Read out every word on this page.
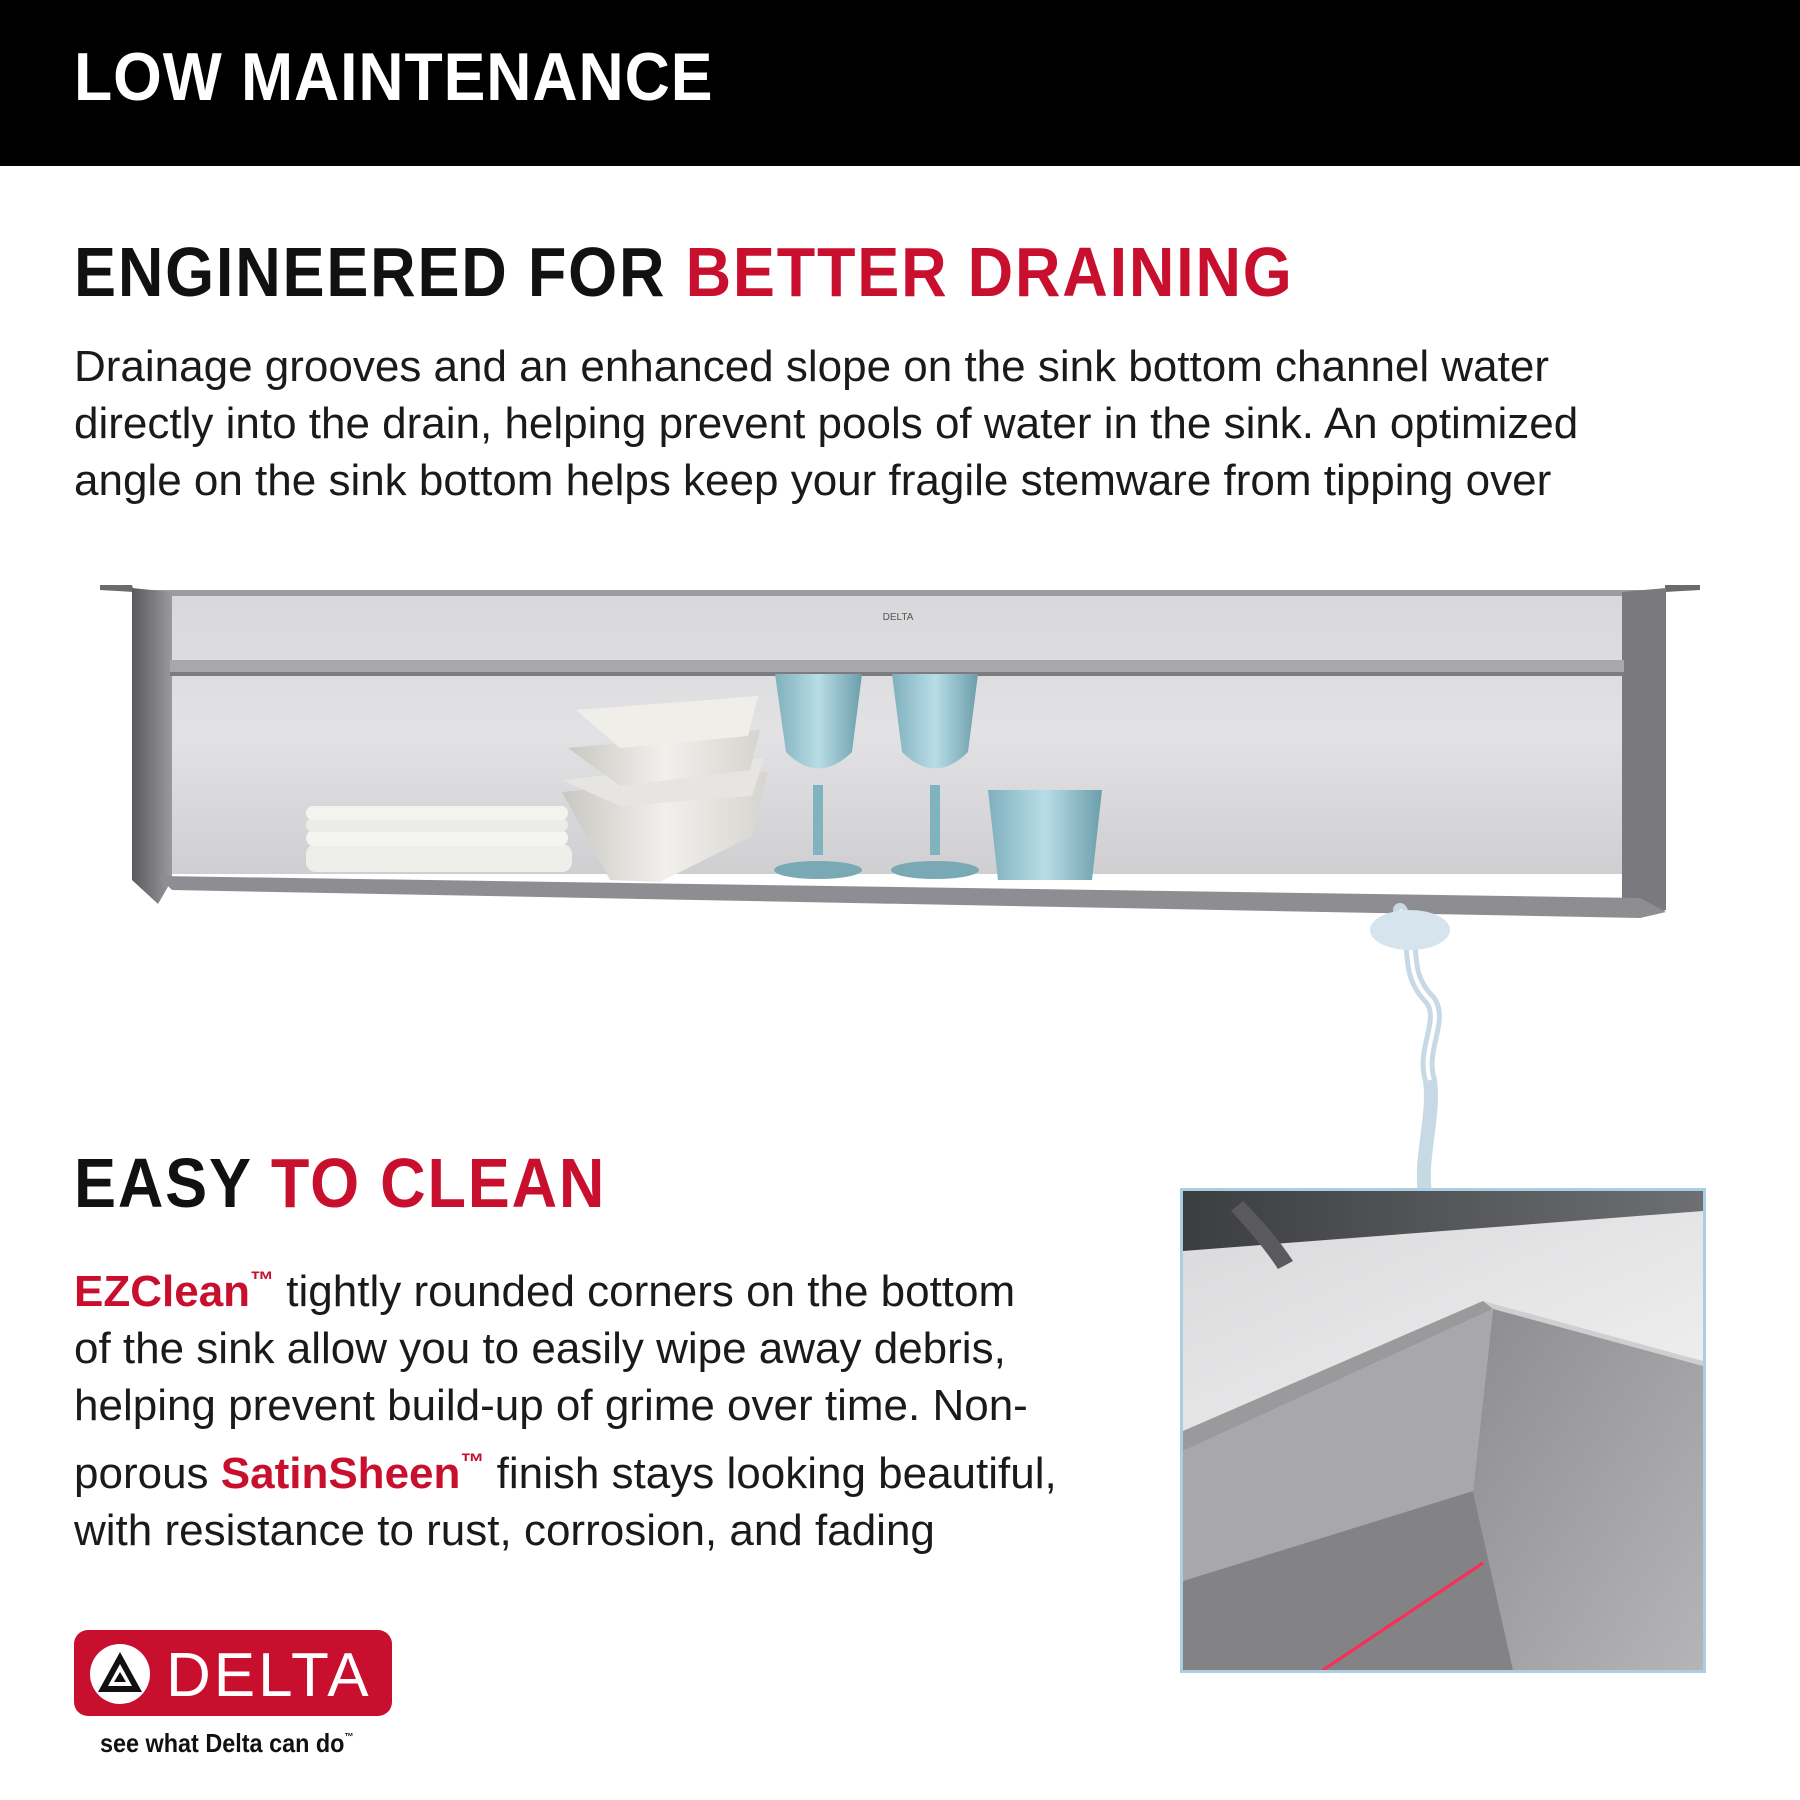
LOW MAINTENANCE
ENGINEERED FOR BETTER DRAINING
Drainage grooves and an enhanced slope on the sink bottom channel water
directly into the drain, helping prevent pools of water in the sink. An optimized
angle on the sink bottom helps keep your fragile stemware from tipping over
DELTA
EASY TO CLEAN
EZClean™ tightly rounded corners on the bottom
of the sink allow you to easily wipe away debris,
helping prevent build-up of grime over time. Non-
porous SatinSheen™ finish stays looking beautiful,
with resistance to rust, corrosion, and fading
DELTA
see what Delta can do™
